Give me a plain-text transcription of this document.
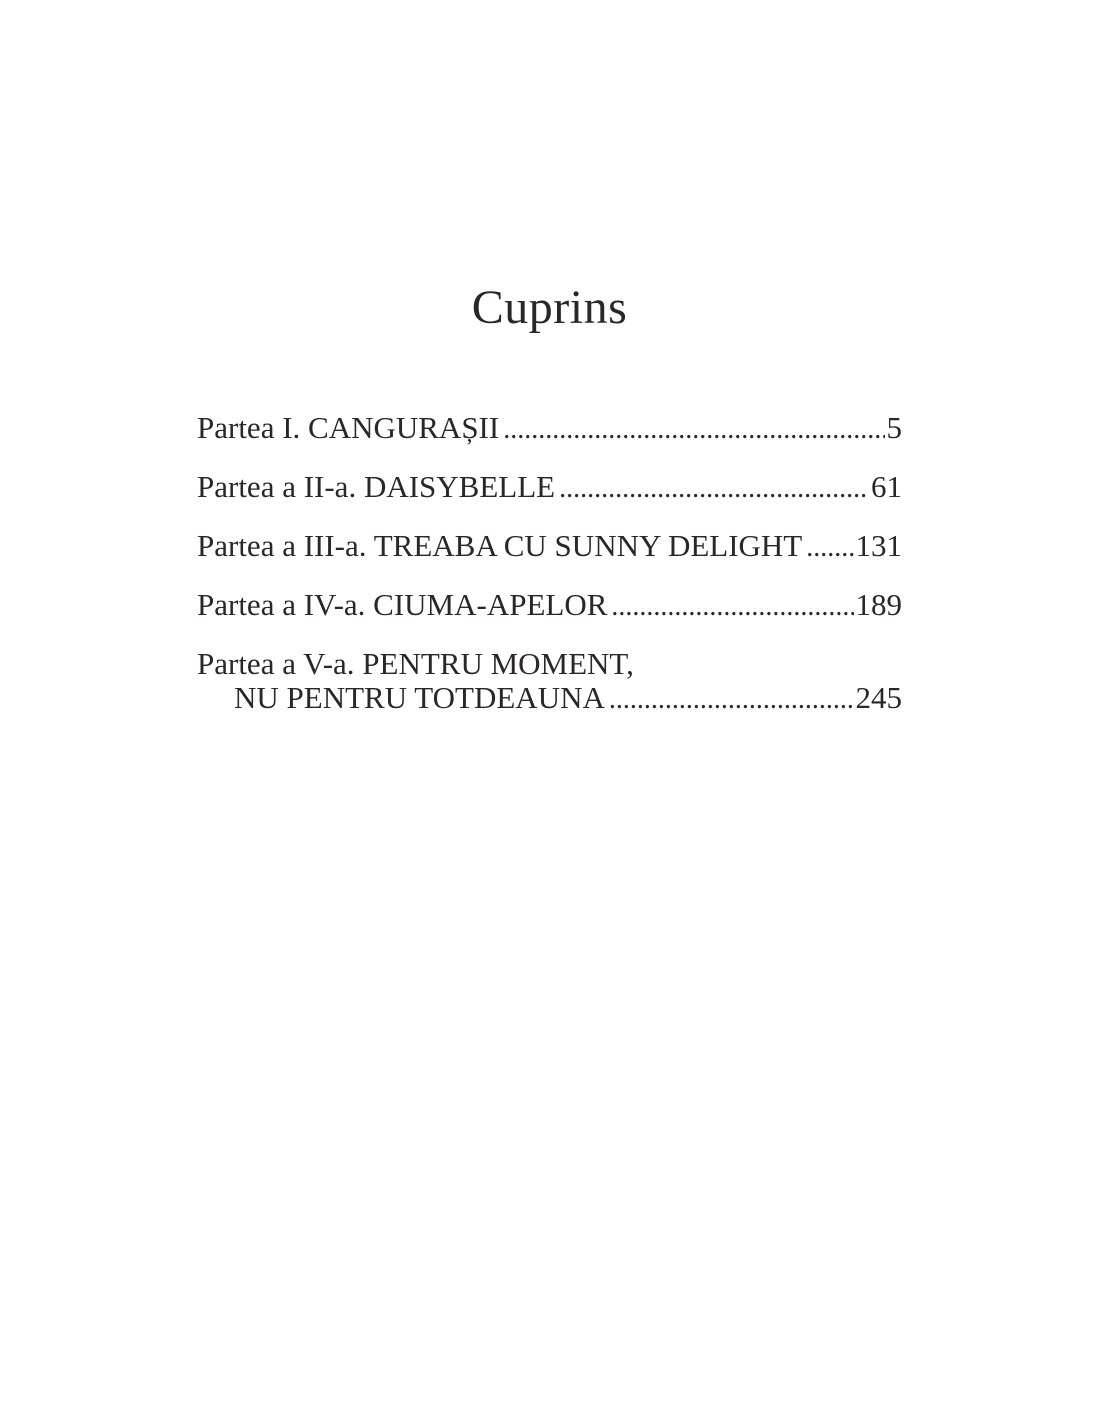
Cuprins
Partea I. CANGURAȘII .....	5
Partea a II-a. DAISYBELLE .....	61
Partea a III-a. TREABA CU SUNNY DELIGHT ..... 131
Partea a IV-a. CIUMA-APELOR .....	189
Partea a V-a. PENTRU MOMENT,
NU PENTRU TOTDEAUNA .....	245
